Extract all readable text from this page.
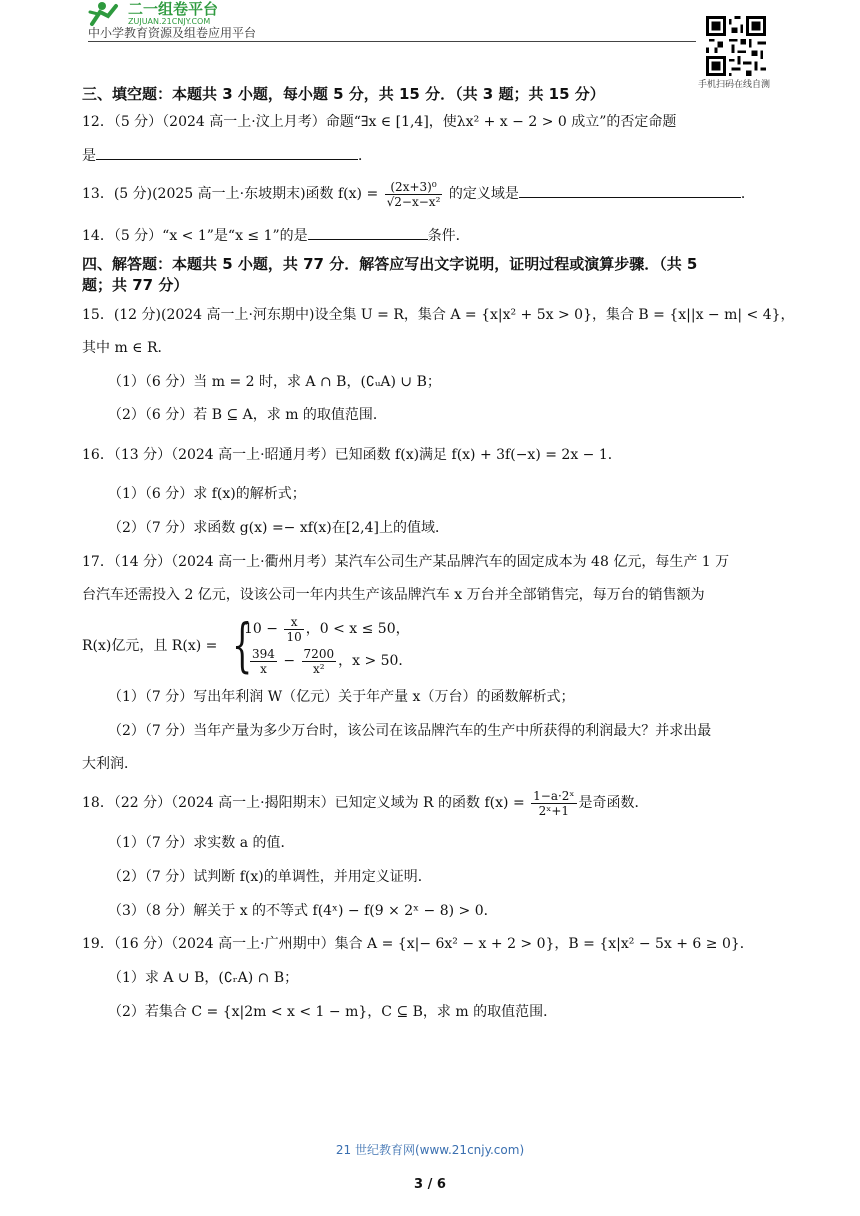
二一组卷平台
ZUJUAN.21CNJY.COM
中小学教育资源及组卷应用平台
手机扫码在线自测
三、填空题：本题共 3 小题，每小题 5 分，共 15 分．（共 3 题；共 15 分）
12．（5 分）（2024 高一上·汶上月考）命题“∃x ∈ [1,4]，使λx² + x − 2 > 0 成立”的否定命题
是	．
13．(5 分)(2025 高一上·东坡期末)函数 $f(x) = \frac{\text{(2x+3)⁰}}{\text{√2−x−x²}}$ 的定义域是	．
14．（5 分）“x < 1”是“x ≤ 1”的是	条件．
四、解答题：本题共 5 小题，共 77 分．解答应写出文字说明，证明过程或演算步骤．（共 5
题；共 77 分）
15．(12 分)(2024 高一上·河东期中)设全集 U = R，集合 A = {x|x² + 5x > 0}，集合 B = {x||x − m| < 4}，
其中 m ∈ R．
（1）（6 分）当 m = 2 时，求 A ∩ B，(∁ᵤA) ∪ B；
（2）（6 分）若 B ⊆ A，求 m 的取值范围．
16．（13 分）（2024 高一上·昭通月考）已知函数 f(x)满足 f(x) + 3f(−x) = 2x − 1．
（1）（6 分）求 f(x)的解析式；
（2）（7 分）求函数 g(x) =− xf(x)在[2,4]上的值域．
17．（14 分）（2024 高一上·衢州月考）某汽车公司生产某品牌汽车的固定成本为 48 亿元，每生产 1 万
台汽车还需投入 2 亿元，设该公司一年内共生产该品牌汽车 x 万台并全部销售完，每万台的销售额为
R(x)亿元，且 R(x) = {
$10 - \frac{x}{10}$ ，0 < x ≤ 50，
$\frac{394}{x} - \frac{7200}{\text{x²}}$ ，x > 50．
（1）（7 分）写出年利润 W（亿元）关于年产量 x（万台）的函数解析式；
（2）（7 分）当年产量为多少万台时，该公司在该品牌汽车的生产中所获得的利润最大？并求出最
大利润．
18．（22 分）（2024 高一上·揭阳期末）已知定义域为 R 的函数 $f(x) = \frac{\text{1−a·2ˣ}}{\text{2ˣ+1}}$ 是奇函数．
（1）（7 分）求实数 a 的值．
（2）（7 分）试判断 f(x)的单调性，并用定义证明．
（3）（8 分）解关于 x 的不等式 f(4ˣ) − f(9 × 2ˣ − 8) > 0．
19．（16 分）（2024 高一上·广州期中）集合 A = {x|− 6x² − x + 2 > 0}，B = {x|x² − 5x + 6 ≥ 0}．
（1）求 A ∪ B，(∁ᵣA) ∩ B；
（2）若集合 C = {x|2m < x < 1 − m}，C ⊆ B，求 m 的取值范围．
21 世纪教育网(www.21cnjy.com)
3 / 6
